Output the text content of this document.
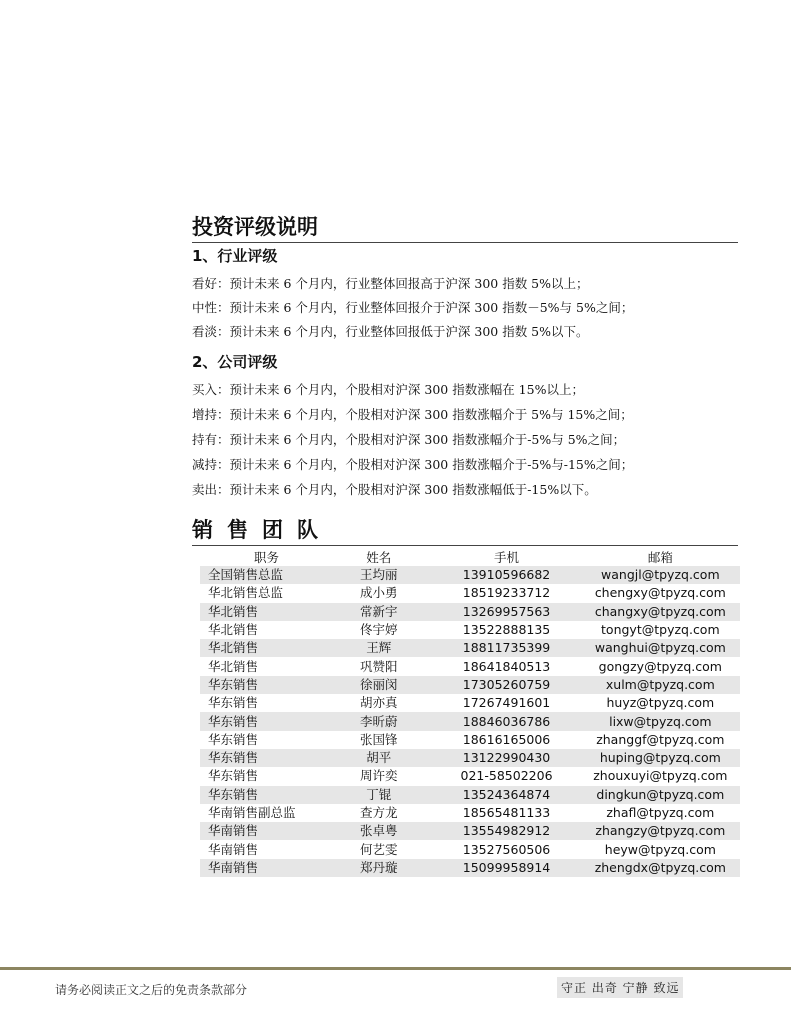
投资评级说明
1、行业评级
看好：预计未来 6 个月内，行业整体回报高于沪深 300 指数 5%以上；
中性：预计未来 6 个月内，行业整体回报介于沪深 300 指数－5%与 5%之间；
看淡：预计未来 6 个月内，行业整体回报低于沪深 300 指数 5%以下。
2、公司评级
买入：预计未来 6 个月内，个股相对沪深 300 指数涨幅在 15%以上；
增持：预计未来 6 个月内，个股相对沪深 300 指数涨幅介于 5%与 15%之间；
持有：预计未来 6 个月内，个股相对沪深 300 指数涨幅介于-5%与 5%之间；
减持：预计未来 6 个月内，个股相对沪深 300 指数涨幅介于-5%与-15%之间；
卖出：预计未来 6 个月内，个股相对沪深 300 指数涨幅低于-15%以下。
销售团队
职务	姓名	手机	邮箱
全国销售总监	王均丽	13910596682	wangjl@tpyzq.com
华北销售总监	成小勇	18519233712	chengxy@tpyzq.com
华北销售	常新宇	13269957563	changxy@tpyzq.com
华北销售	佟宇婷	13522888135	tongyt@tpyzq.com
华北销售	王辉	18811735399	wanghui@tpyzq.com
华北销售	巩赞阳	18641840513	gongzy@tpyzq.com
华东销售	徐丽闵	17305260759	xulm@tpyzq.com
华东销售	胡亦真	17267491601	huyz@tpyzq.com
华东销售	李昕蔚	18846036786	lixw@tpyzq.com
华东销售	张国锋	18616165006	zhanggf@tpyzq.com
华东销售	胡平	13122990430	huping@tpyzq.com
华东销售	周许奕	021-58502206	zhouxuyi@tpyzq.com
华东销售	丁锟	13524364874	dingkun@tpyzq.com
华南销售副总监	查方龙	18565481133	zhafl@tpyzq.com
华南销售	张卓粤	13554982912	zhangzy@tpyzq.com
华南销售	何艺雯	13527560506	heyw@tpyzq.com
华南销售	郑丹璇	15099958914	zhengdx@tpyzq.com
请务必阅读正文之后的免责条款部分	守正 出奇 宁静 致远
